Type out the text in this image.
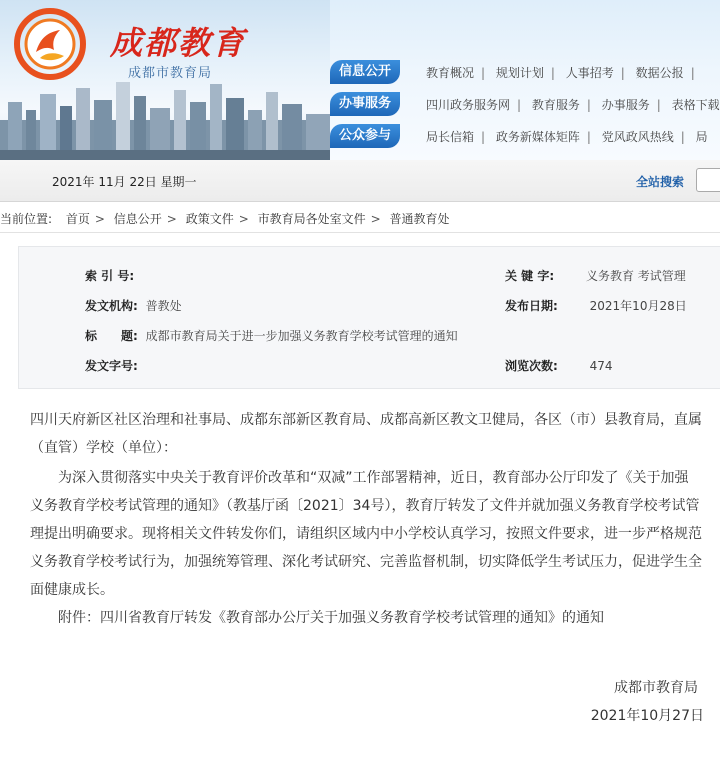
成都教育
成都市教育局	信息公开	教育概况 | 规划计划 | 人事招考 | 数据公报 |
办事服务	四川政务服务网 | 教育服务 | 办事服务 | 表格下载
公众参与	局长信箱 | 政务新媒体矩阵 | 党风政风热线 | 局
2021年 11月 22日 星期一	全站搜索
当前位置: 首页 > 信息公开 > 政策文件 > 市教育局各处室文件 > 普通教育处
索 引 号:	关 键 字:	义务教育 考试管理
发文机构: 普教处	发布日期:	2021年10月28日
标　　题: 成都市教育局关于进一步加强义务教育学校考试管理的通知
发文字号:	浏览次数:	474

四川天府新区社区治理和社事局、成都东部新区教育局、成都高新区教文卫健局，各区（市）县教育局，直属（直管）学校（单位）：

为深入贯彻落实中央关于教育评价改革和“双减”工作部署精神，近日，教育部办公厅印发了《关于加强义务教育学校考试管理的通知》（教基厅函〔2021〕34号），教育厅转发了文件并就加强义务教育学校考试管理提出明确要求。现将相关文件转发你们，请组织区域内中小学校认真学习，按照文件要求，进一步严格规范义务教育学校考试行为，加强统筹管理、深化考试研究、完善监督机制，切实降低学生考试压力，促进学生全面健康成长。

附件：四川省教育厅转发《教育部办公厅关于加强义务教育学校考试管理的通知》的通知

成都市教育局
2021年10月27日
